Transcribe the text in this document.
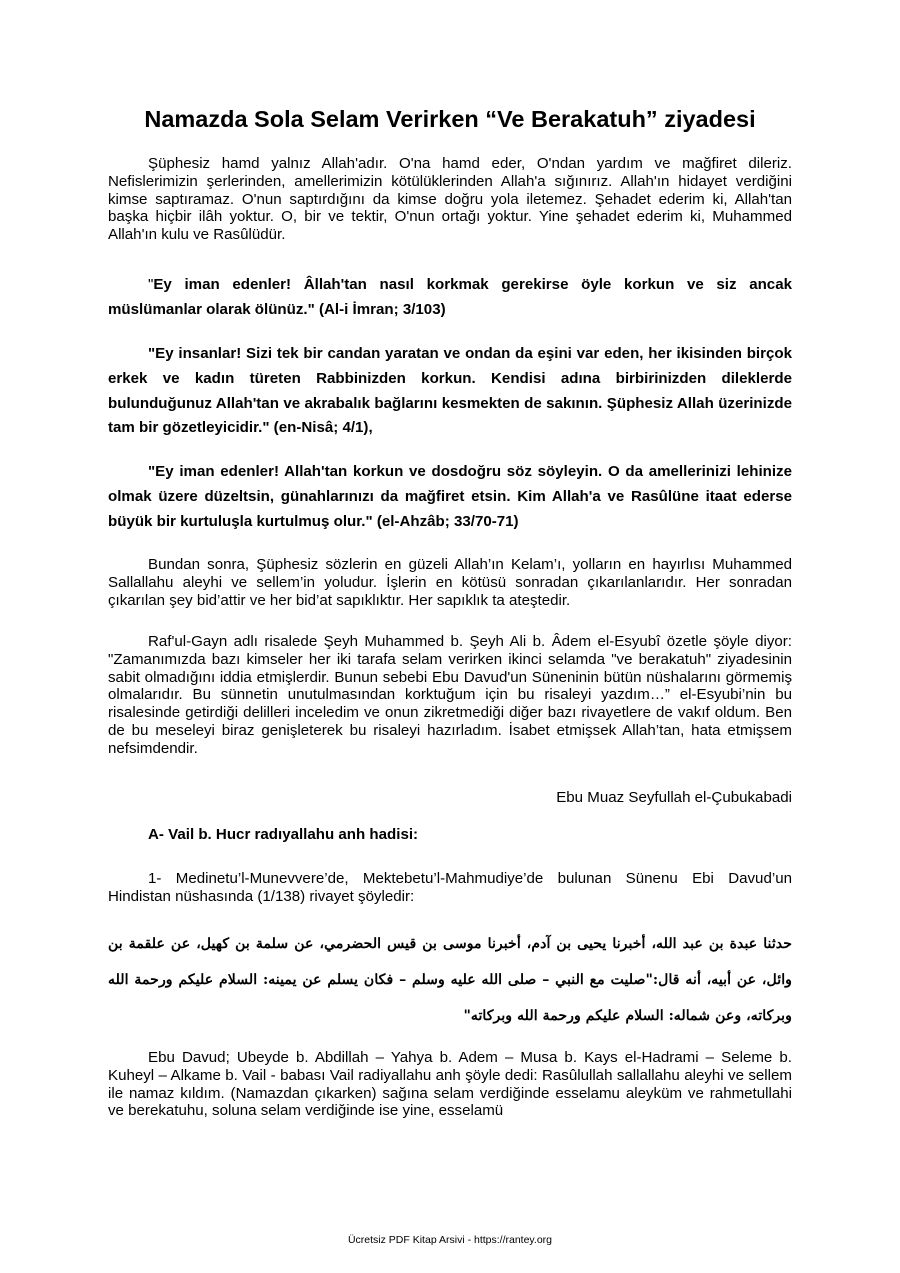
Namazda Sola Selam Verirken “Ve Berakatuh” ziyadesi

Şüphesiz hamd yalnız Allah'adır. O'na hamd eder, O'ndan yardım ve mağfiret dileriz. Nefislerimizin şerlerinden, amellerimizin kötülüklerinden Allah'a sığınırız. Allah'ın hidayet verdiğini kimse saptıramaz. O'nun saptırdığını da kimse doğru yola iletemez. Şehadet ederim ki, Allah'tan başka hiçbir ilâh yoktur. O, bir ve tektir, O'nun ortağı yoktur. Yine şehadet ederim ki, Muhammed Allah'ın kulu ve Rasûlüdür.

"Ey iman edenler! Âllah'tan nasıl korkmak gerekirse öyle korkun ve siz ancak müslümanlar olarak ölünüz." (Al-i İmran; 3/103)

"Ey insanlar! Sizi tek bir candan yaratan ve ondan da eşini var eden, her ikisinden birçok erkek ve kadın türeten Rabbinizden korkun. Kendisi adına birbirinizden dileklerde bulunduğunuz Allah'tan ve akrabalık bağlarını kesmekten de sakının. Şüphesiz Allah üzerinizde tam bir gözetleyicidir." (en-Nisâ; 4/1),

"Ey iman edenler! Allah'tan korkun ve dosdoğru söz söyleyin. O da amellerinizi lehinize olmak üzere düzeltsin, günahlarınızı da mağfiret etsin. Kim Allah'a ve Rasûlüne itaat ederse büyük bir kurtuluşla kurtulmuş olur." (el-Ahzâb; 33/70-71)

Bundan sonra, Şüphesiz sözlerin en güzeli Allah’ın Kelam’ı, yolların en hayırlısı Muhammed Sallallahu aleyhi ve sellem’in yoludur. İşlerin en kötüsü sonradan çıkarılanlarıdır. Her sonradan çıkarılan şey bid’attir ve her bid’at sapıklıktır. Her sapıklık ta ateştedir.

Raf'ul-Gayn adlı risalede Şeyh Muhammed b. Şeyh Ali b. Âdem el-Esyubî özetle şöyle diyor: "Zamanımızda bazı kimseler her iki tarafa selam verirken ikinci selamda "ve berakatuh" ziyadesinin sabit olmadığını iddia etmişlerdir. Bunun sebebi Ebu Davud'un Süneninin bütün nüshalarını görmemiş olmalarıdır. Bu sünnetin unutulmasından korktuğum için bu risaleyi yazdım…” el-Esyubi’nin bu risalesinde getirdiği delilleri inceledim ve onun zikretmediği diğer bazı rivayetlere de vakıf oldum. Ben de bu meseleyi biraz genişleterek bu risaleyi hazırladım. İsabet etmişsek Allah’tan, hata etmişsem nefsimdendir.

Ebu Muaz Seyfullah el-Çubukabadi

A- Vail b. Hucr radıyallahu anh hadisi:

1- Medinetu’l-Munevvere’de, Mektebetu’l-Mahmudiye’de bulunan Sünenu Ebi Davud’un Hindistan nüshasında (1/138) rivayet şöyledir:

حدثنا عبدة بن عبد الله، أخبرنا يحيى بن آدم، أخبرنا موسى بن قيس الحضرمي، عن سلمة بن كهيل، عن علقمة بن وائل، عن أبيه، أنه قال:"صليت مع النبي – صلى الله عليه وسلم – فكان يسلم عن يمينه: السلام عليكم ورحمة الله وبركاته، وعن شماله: السلام عليكم ورحمة الله وبركاته"

Ebu Davud; Ubeyde b. Abdillah – Yahya b. Adem – Musa b. Kays el-Hadrami – Seleme b. Kuheyl – Alkame b. Vail - babası Vail radiyallahu anh şöyle dedi: Rasûlullah sallallahu aleyhi ve sellem ile namaz kıldım. (Namazdan çıkarken) sağına selam verdiğinde esselamu aleyküm ve rahmetullahi ve berekatuhu, soluna selam verdiğinde ise yine, esselamü

Ücretsiz PDF Kitap Arsivi - https://rantey.org
